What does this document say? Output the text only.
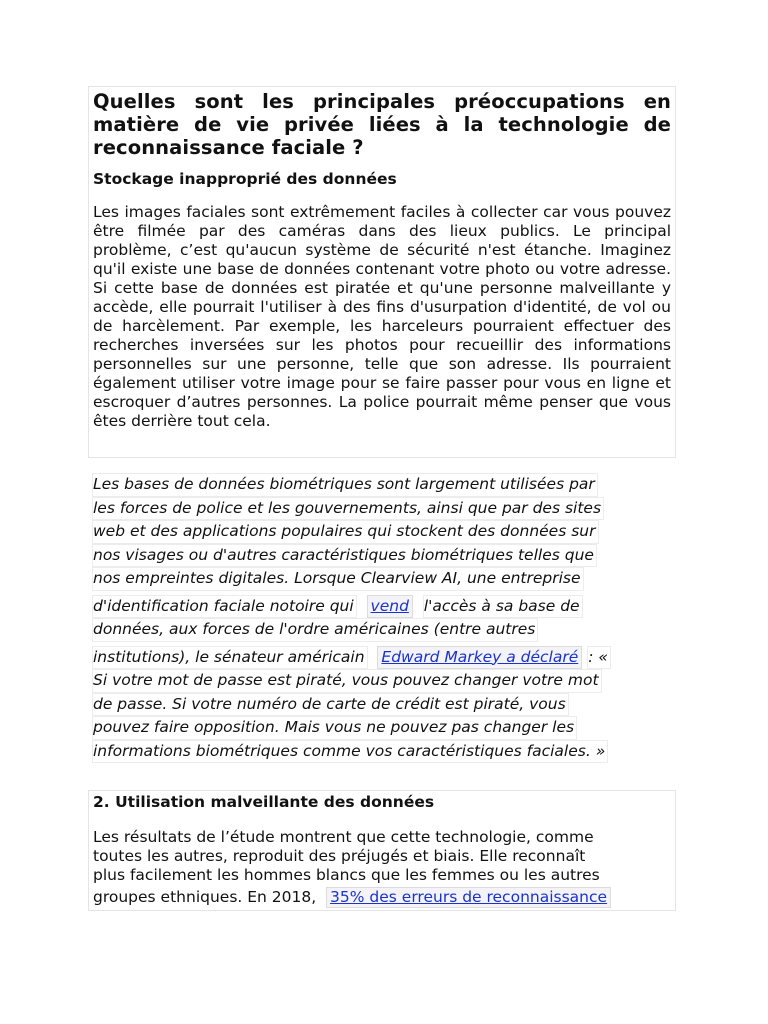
Quelles sont les principales préoccupations en matière de vie privée liées à la technologie de reconnaissance faciale ?
Stockage inapproprié des données

Les images faciales sont extrêmement faciles à collecter car vous pouvez être filmée par des caméras dans des lieux publics. Le principal problème, c’est qu'aucun système de sécurité n'est étanche. Imaginez qu'il existe une base de données contenant votre photo ou votre adresse. Si cette base de données est piratée et qu'une personne malveillante y accède, elle pourrait l'utiliser à des fins d'usurpation d'identité, de vol ou de harcèlement. Par exemple, les harceleurs pourraient effectuer des recherches inversées sur les photos pour recueillir des informations personnelles sur une personne, telle que son adresse. Ils pourraient également utiliser votre image pour se faire passer pour vous en ligne et escroquer d’autres personnes. La police pourrait même penser que vous êtes derrière tout cela.

Les bases de données biométriques sont largement utilisées par
les forces de police et les gouvernements, ainsi que par des sites
web et des applications populaires qui stockent des données sur
nos visages ou d'autres caractéristiques biométriques telles que
nos empreintes digitales. Lorsque Clearview AI, une entreprise
d'identification faciale notoire qui vend l'accès à sa base de
données, aux forces de l'ordre américaines (entre autres
institutions), le sénateur américain Edward Markey a déclaré : «
Si votre mot de passe est piraté, vous pouvez changer votre mot
de passe. Si votre numéro de carte de crédit est piraté, vous
pouvez faire opposition. Mais vous ne pouvez pas changer les
informations biométriques comme vos caractéristiques faciales. »
2. Utilisation malveillante des données

Les résultats de l’étude montrent que cette technologie, comme
toutes les autres, reproduit des préjugés et biais. Elle reconnaît
plus facilement les hommes blancs que les femmes ou les autres
groupes ethniques. En 2018, 35% des erreurs de reconnaissance
